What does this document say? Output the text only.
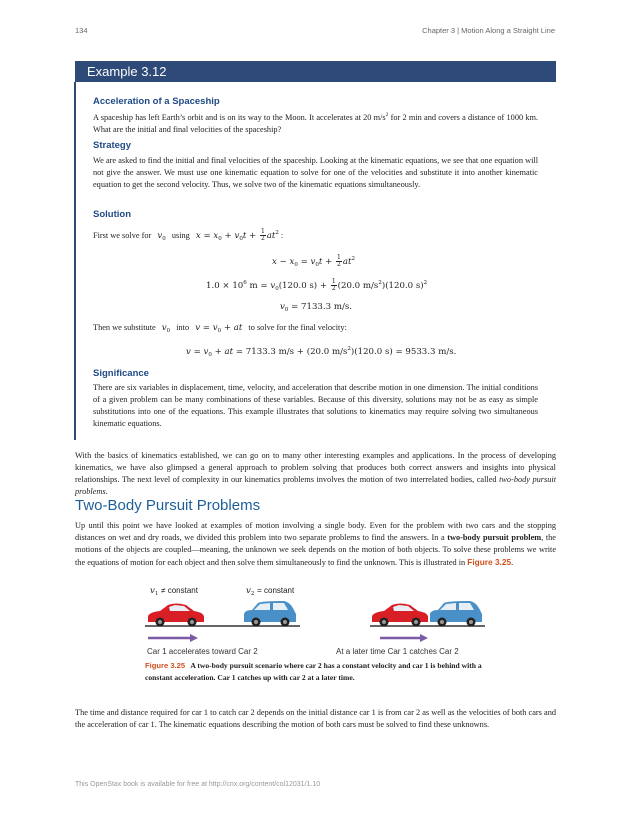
134	Chapter 3 | Motion Along a Straight Line
Example 3.12
Acceleration of a Spaceship

A spaceship has left Earth’s orbit and is on its way to the Moon. It accelerates at 20 $m/s^2$ for 2 min and covers a distance of 1000 km. What are the initial and final velocities of the spaceship?

Strategy

We are asked to find the initial and final velocities of the spaceship. Looking at the kinematic equations, we see that one equation will not give the answer. We must use one kinematic equation to solve for one of the velocities and substitute it into another kinematic equation to get the second velocity. Thus, we solve two of the kinematic equations simultaneously.

Solution
First we solve for $v_0$ using $x = x_0 + v_0t + \frac{1}{2} at^2$ :
$x - x_0 = v_0t + \frac{1}{2} at^2$
$1.0 \times 10^6$ $m = v_0(120.0$ $s) + \frac{1}{2} (20.0$ $m/s^2)(120.0$ s)$^2$
$v_0 = 7133.3$ m/s.
Then we substitute $v_0$ into $v = v_0$ + at to solve for the final velocity:
$v = v_0$ + at = 7133.3 m/s + (20.0 $m/s^2)(120.0$ s) = 9533.3 m/s.
Significance

There are six variables in displacement, time, velocity, and acceleration that describe motion in one dimension. The initial conditions of a given problem can be many combinations of these variables. Because of this diversity, solutions may not be as easy as simple substitutions into one of the equations. This example illustrates that solutions to kinematics may require solving two simultaneous kinematic equations.

With the basics of kinematics established, we can go on to many other interesting examples and applications. In the process of developing kinematics, we have also glimpsed a general approach to problem solving that produces both correct answers and insights into physical relationships. The next level of complexity in our kinematics problems involves the motion of two interrelated bodies, called two-body pursuit problems.

Two-Body Pursuit Problems

Up until this point we have looked at examples of motion involving a single body. Even for the problem with two cars and the stopping distances on wet and dry roads, we divided this problem into two separate problems to find the answers. In a two-body pursuit problem, the motions of the objects are coupled—meaning, the unknown we seek depends on the motion of both objects. To solve these problems we write the equations of motion for each object and then solve them simultaneously to find the unknown. This is illustrated in Figure 3.25.

$v_1$ ≠ constant	$v_2$ = constant
Car 1 accelerates toward Car 2	At a later time Car 1 catches Car 2
Figure 3.25 A two-body pursuit scenario where car 2 has a constant velocity and car 1 is behind with a constant acceleration. Car 1 catches up with car 2 at a later time.

The time and distance required for car 1 to catch car 2 depends on the initial distance car 1 is from car 2 as well as the velocities of both cars and the acceleration of car 1. The kinematic equations describing the motion of both cars must be solved to find these unknowns.

This OpenStax book is available for free at http://cnx.org/content/col12031/1.10
